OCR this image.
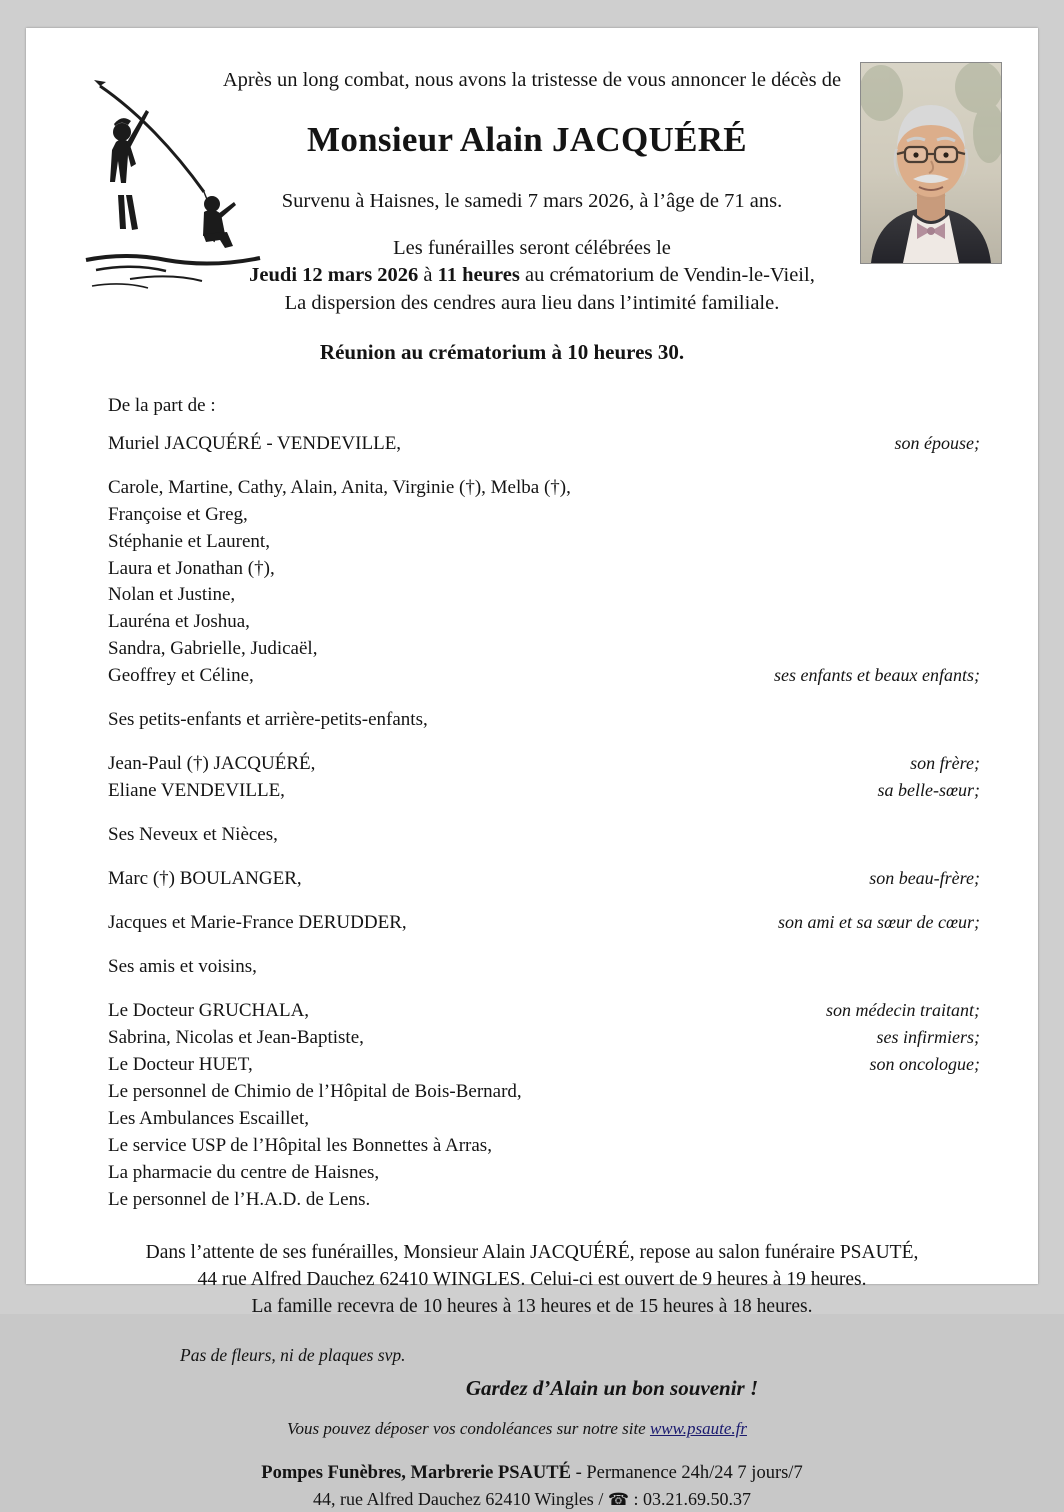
Après un long combat, nous avons la tristesse de vous annoncer le décès de
Monsieur Alain JACQUÉRÉ
Survenu à Haisnes, le samedi 7 mars 2026, à l’âge de 71 ans.
Les funérailles seront célébrées le
Jeudi 12 mars 2026 à 11 heures au crématorium de Vendin-le-Vieil,
La dispersion des cendres aura lieu dans l’intimité familiale.
Réunion au crématorium à 10 heures 30.
De la part de :
Muriel JACQUÉRÉ - VENDEVILLE,	son épouse;
Carole, Martine, Cathy, Alain, Anita, Virginie (†), Melba (†),
Françoise et Greg,
Stéphanie et Laurent,
Laura et Jonathan (†),
Nolan et Justine,
Lauréna et Joshua,
Sandra, Gabrielle, Judicaël,
Geoffrey et Céline,	ses enfants et beaux enfants;
Ses petits-enfants et arrière-petits-enfants,
Jean-Paul (†) JACQUÉRÉ,	son frère;
Eliane VENDEVILLE,	sa belle-sœur;
Ses Neveux et Nièces,
Marc (†) BOULANGER,	son beau-frère;
Jacques et Marie-France DERUDDER,	son ami et sa sœur de cœur;
Ses amis et voisins,
Le Docteur GRUCHALA,	son médecin traitant;
Sabrina, Nicolas et Jean-Baptiste,	ses infirmiers;
Le Docteur HUET,	son oncologue;
Le personnel de Chimio de l’Hôpital de Bois-Bernard,
Les Ambulances Escaillet,
Le service USP de l’Hôpital les Bonnettes à Arras,
La pharmacie du centre de Haisnes,
Le personnel de l’H.A.D. de Lens.
Dans l’attente de ses funérailles, Monsieur Alain JACQUÉRÉ, repose au salon funéraire PSAUTÉ,
44 rue Alfred Dauchez 62410 WINGLES. Celui-ci est ouvert de 9 heures à 19 heures.
La famille recevra de 10 heures à 13 heures et de 15 heures à 18 heures.
Pas de fleurs, ni de plaques svp.
Gardez d’Alain un bon souvenir !
Vous pouvez déposer vos condoléances sur notre site www.psaute.fr
Pompes Funèbres, Marbrerie PSAUTÉ - Permanence 24h/24 7 jours/7
44, rue Alfred Dauchez 62410 Wingles / ☎ : 03.21.69.50.37
